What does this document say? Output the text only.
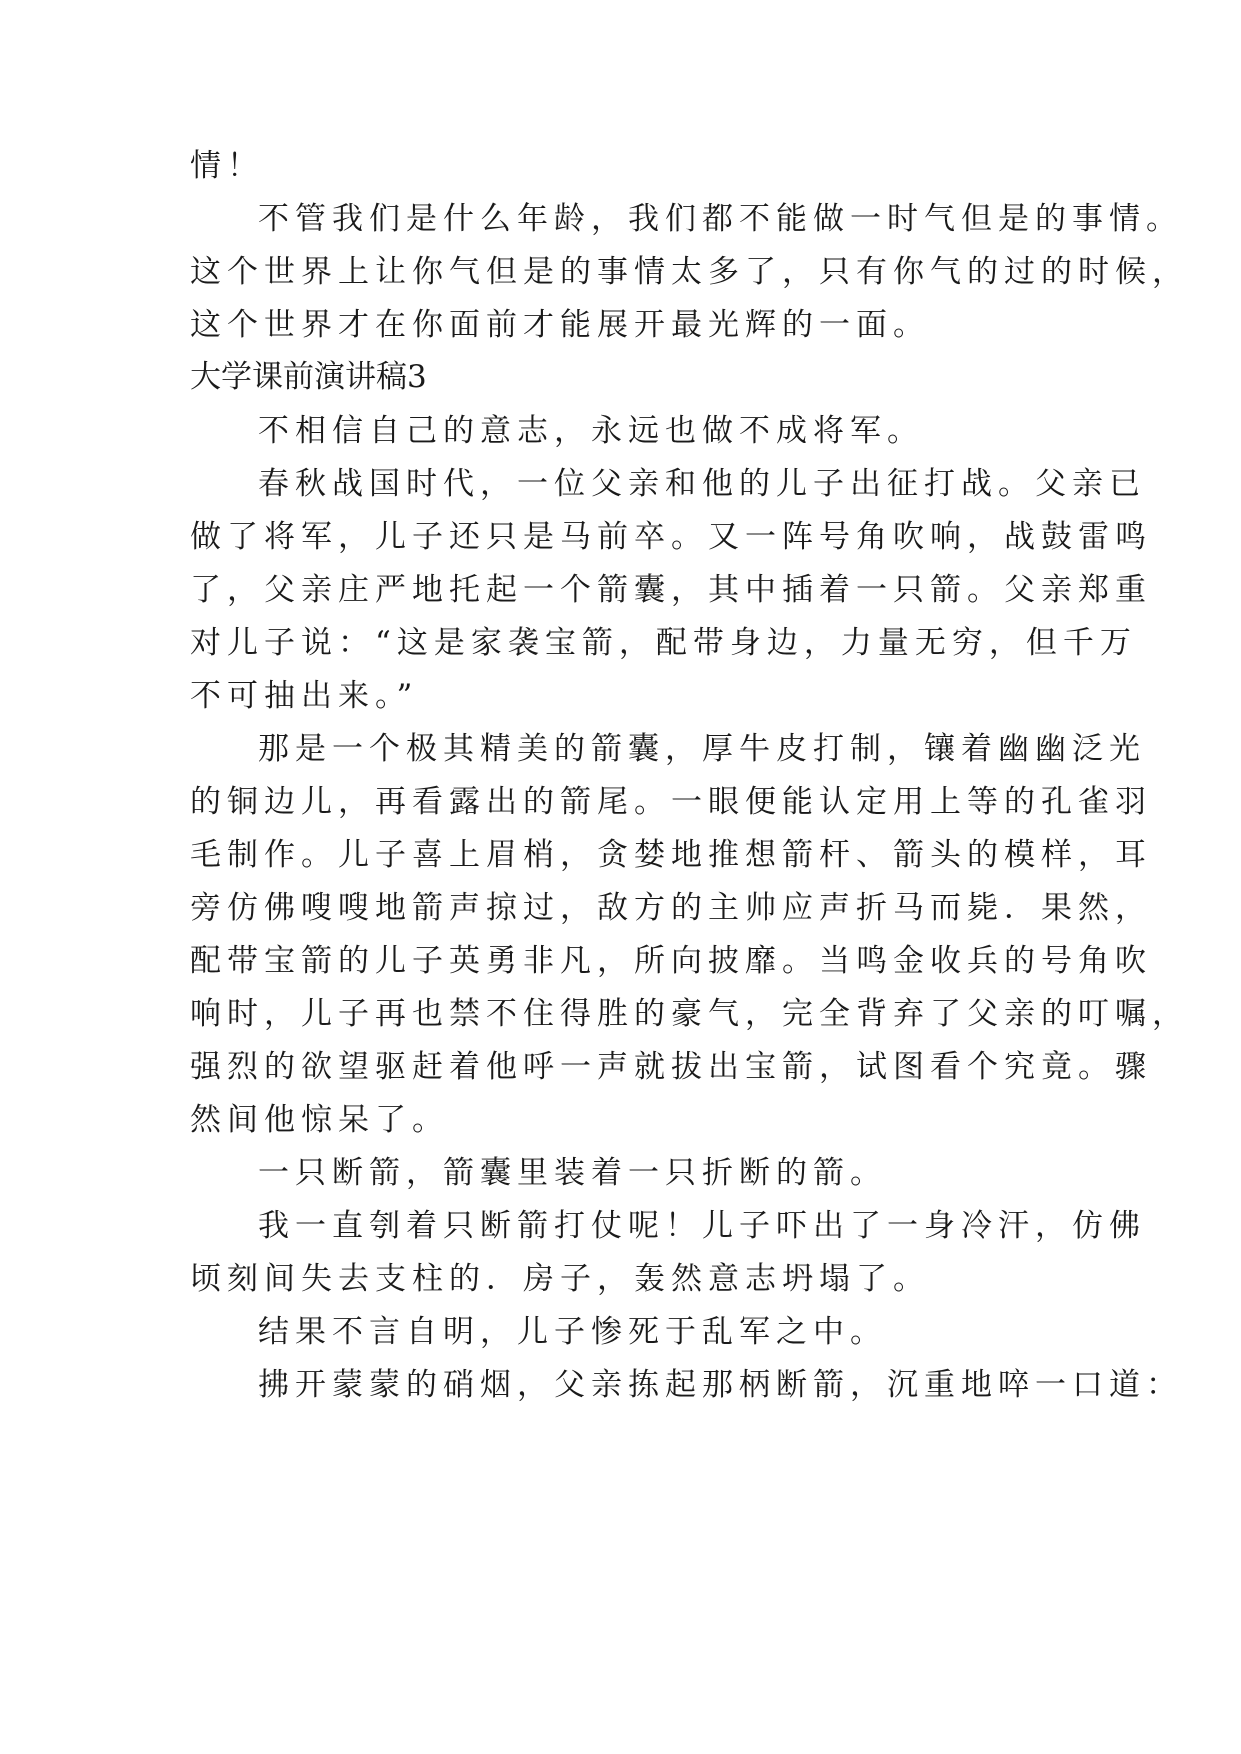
情！
不管我们是什么年龄，我们都不能做一时气但是的事情。
这个世界上让你气但是的事情太多了，只有你气的过的时候，
这个世界才在你面前才能展开最光辉的一面。
大学课前演讲稿3
不相信自己的意志，永远也做不成将军。
春秋战国时代，一位父亲和他的儿子出征打战。父亲已
做了将军，儿子还只是马前卒。又一阵号角吹响，战鼓雷鸣
了，父亲庄严地托起一个箭囊，其中插着一只箭。父亲郑重
对儿子说：“这是家袭宝箭，配带身边，力量无穷，但千万
不可抽出来。”
那是一个极其精美的箭囊，厚牛皮打制，镶着幽幽泛光
的铜边儿，再看露出的箭尾。一眼便能认定用上等的孔雀羽
毛制作。儿子喜上眉梢，贪婪地推想箭杆、箭头的模样，耳
旁仿佛嗖嗖地箭声掠过，敌方的主帅应声折马而毙．果然，
配带宝箭的儿子英勇非凡，所向披靡。当鸣金收兵的号角吹
响时，儿子再也禁不住得胜的豪气，完全背弃了父亲的叮嘱，
强烈的欲望驱赶着他呼一声就拔出宝箭，试图看个究竟。骤
然间他惊呆了。
一只断箭，箭囊里装着一只折断的箭。
我一直刳着只断箭打仗呢！儿子吓出了一身冷汗，仿佛
顷刻间失去支柱的．房子，轰然意志坍塌了。
结果不言自明，儿子惨死于乱军之中。
拂开蒙蒙的硝烟，父亲拣起那柄断箭，沉重地啐一口道：
